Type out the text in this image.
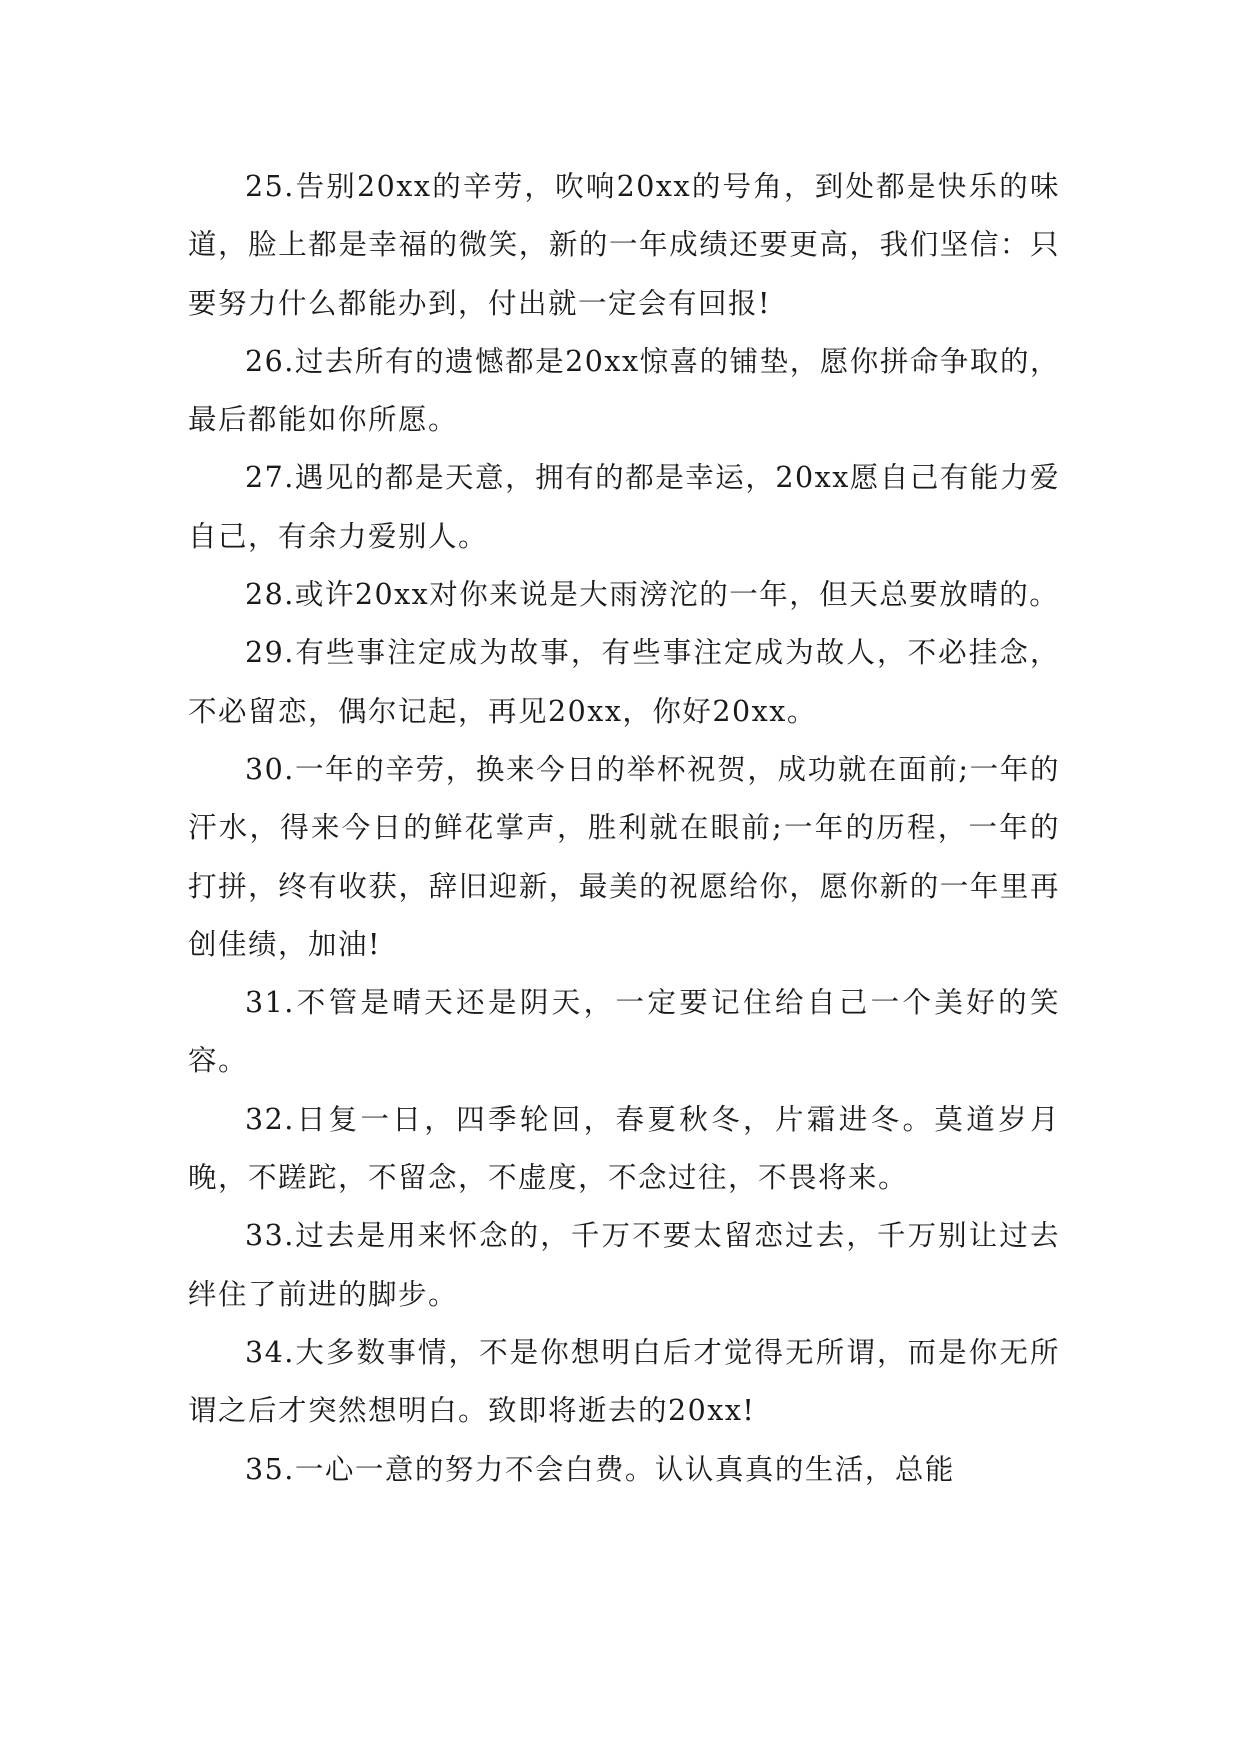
25.告别20xx的辛劳，吹响20xx的号角，到处都是快乐的味道，脸上都是幸福的微笑，新的一年成绩还要更高，我们坚信：只要努力什么都能办到，付出就一定会有回报!

26.过去所有的遗憾都是20xx惊喜的铺垫，愿你拼命争取的，最后都能如你所愿。

27.遇见的都是天意，拥有的都是幸运，20xx愿自己有能力爱自己，有余力爱别人。

28.或许20xx对你来说是大雨滂沱的一年，但天总要放晴的。

29.有些事注定成为故事，有些事注定成为故人，不必挂念，不必留恋，偶尔记起，再见20xx，你好20xx。

30.一年的辛劳，换来今日的举杯祝贺，成功就在面前;一年的汗水，得来今日的鲜花掌声，胜利就在眼前;一年的历程，一年的打拼，终有收获，辞旧迎新，最美的祝愿给你，愿你新的一年里再创佳绩，加油!

31.不管是晴天还是阴天，一定要记住给自己一个美好的笑容。

32.日复一日，四季轮回，春夏秋冬，片霜进冬。莫道岁月晚，不蹉跎，不留念，不虚度，不念过往，不畏将来。

33.过去是用来怀念的，千万不要太留恋过去，千万别让过去绊住了前进的脚步。

34.大多数事情，不是你想明白后才觉得无所谓，而是你无所谓之后才突然想明白。致即将逝去的20xx!

35.一心一意的努力不会白费。认认真真的生活，总能
